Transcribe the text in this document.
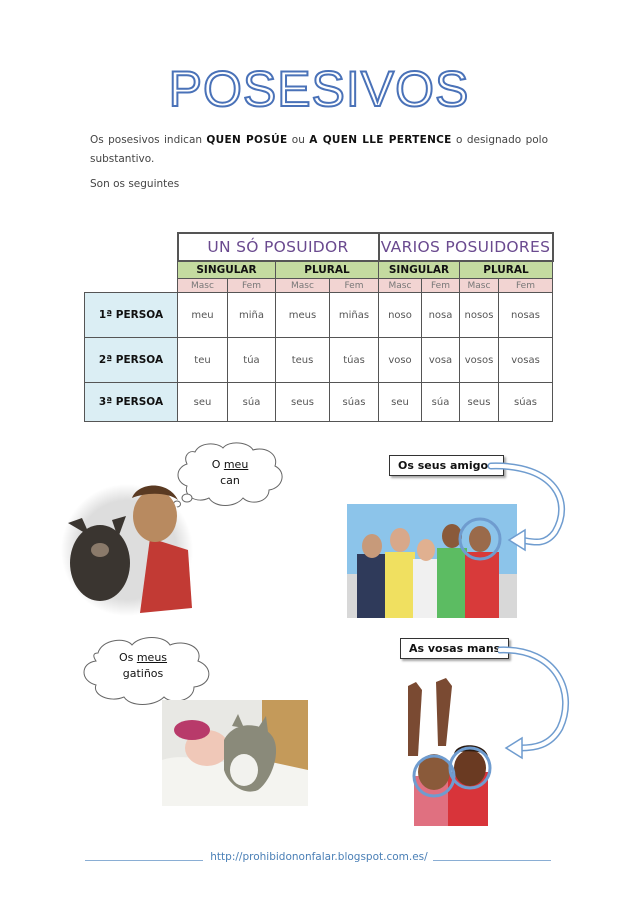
POSESIVOS
Os posesivos indican QUEN POSÚE ou A QUEN LLE PERTENCE o designado polo substantivo.
Son os seguintes
	UN SÓ POSUIDOR				VARIOS POSUIDORES			
	SINGULAR		PLURAL		SINGULAR		PLURAL	
	Masc	Fem	Masc	Fem	Masc	Fem	Masc	Fem
1ª PERSOA	meu	miña	meus	miñas	noso	nosa	nosos	nosas
2ª PERSOA	teu	túa	teus	túas	voso	vosa	vosos	vosas
3ª PERSOA	seu	súa	seus	súas	seu	súa	seus	súas
O meu
can
Os seus amigos
Os meus
gatiños
As vosas mans
http://prohibidononfalar.blogspot.com.es/
